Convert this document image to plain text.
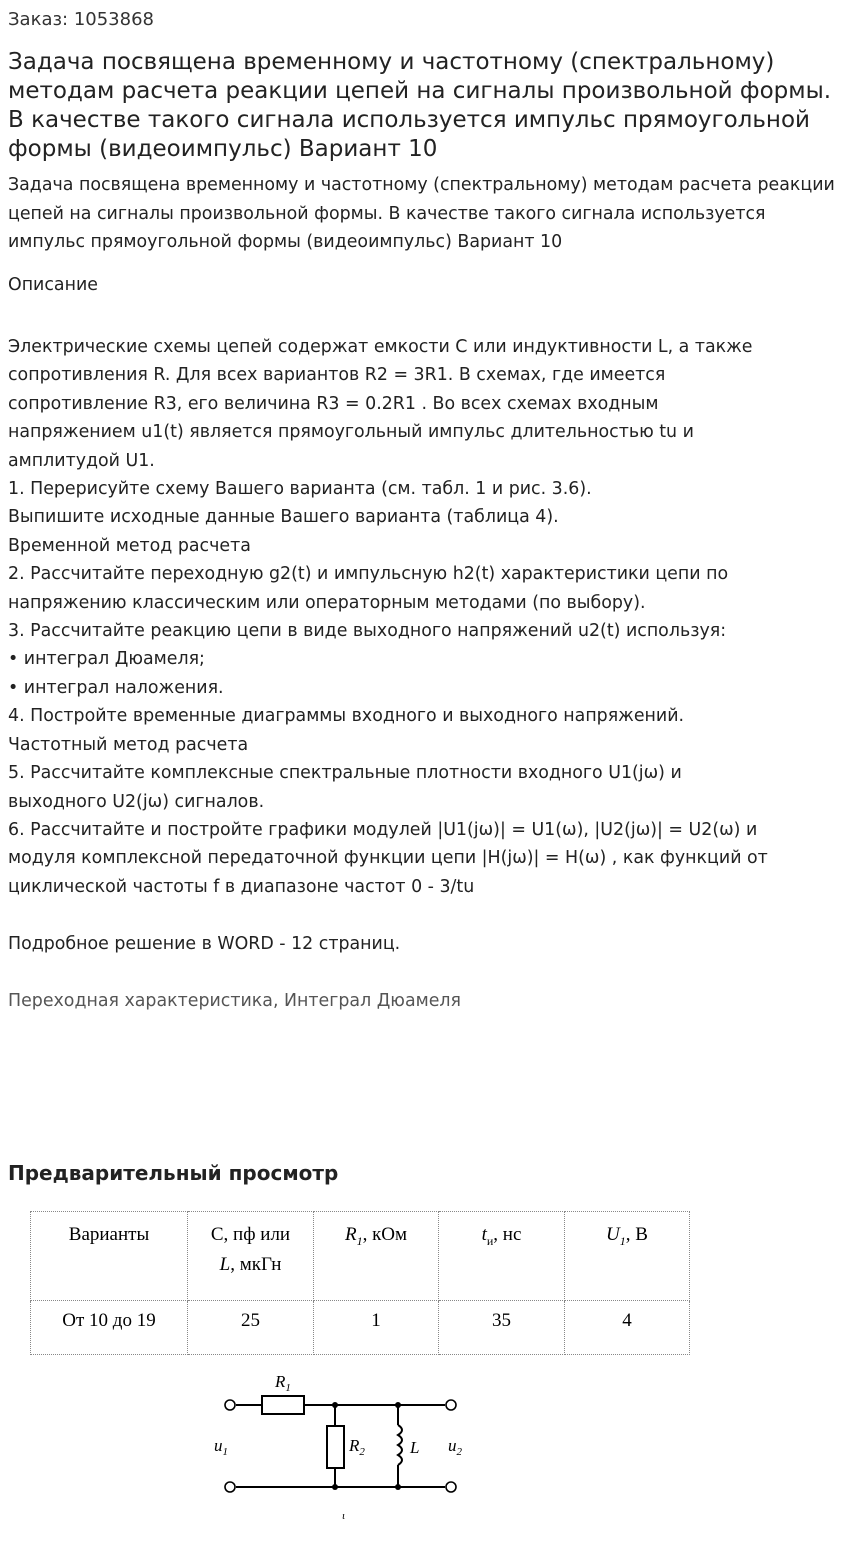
Заказ: 1053868
Задача посвящена временному и частотному (спектральному) методам расчета реакции цепей на сигналы произвольной формы. В качестве такого сигнала используется импульс прямоугольной формы (видеоимпульс) Вариант 10
Задача посвящена временному и частотному (спектральному) методам расчета реакции цепей на сигналы произвольной формы. В качестве такого сигнала используется импульс прямоугольной формы (видеоимпульс) Вариант 10
Описание
Электрические схемы цепей содержат емкости С или индуктивности L, а также
сопротивления R. Для всех вариантов R2 = 3R1. В схемах, где имеется
сопротивление R3, его величина R3 = 0.2R1 . Во всех схемах входным
напряжением u1(t) является прямоугольный импульс длительностью tu и
амплитудой U1.
1. Перерисуйте схему Вашего варианта (см. табл. 1 и рис. 3.6).
Выпишите исходные данные Вашего варианта (таблица 4).
Временной метод расчета
2. Рассчитайте переходную g2(t) и импульсную h2(t) характеристики цепи по
напряжению классическим или операторным методами (по выбору).
3. Рассчитайте реакцию цепи в виде выходного напряжений u2(t) используя:
• интеграл Дюамеля;
• интеграл наложения.
4. Постройте временные диаграммы входного и выходного напряжений.
Частотный метод расчета
5. Рассчитайте комплексные спектральные плотности входного U1(jω) и
выходного U2(jω) сигналов.
6. Рассчитайте и постройте графики модулей |U1(jω)| = U1(ω), |U2(jω)| = U2(ω) и
модуля комплексной передаточной функции цепи |H(jω)| = H(ω) , как функций от
циклической частоты f в диапазоне частот 0 - 3/tu
Подробное решение в WORD - 12 страниц.
Переходная характеристика, Интеграл Дюамеля
Предварительный просмотр
Варианты	С, пф или
L, мкГн	$R_1$, кОм	$t_и$, нс	$U_1$, В
От 10 до 19	25	1	35	4
$R_1$
$R_2$	L
$u_1$	$u_2$
ι
